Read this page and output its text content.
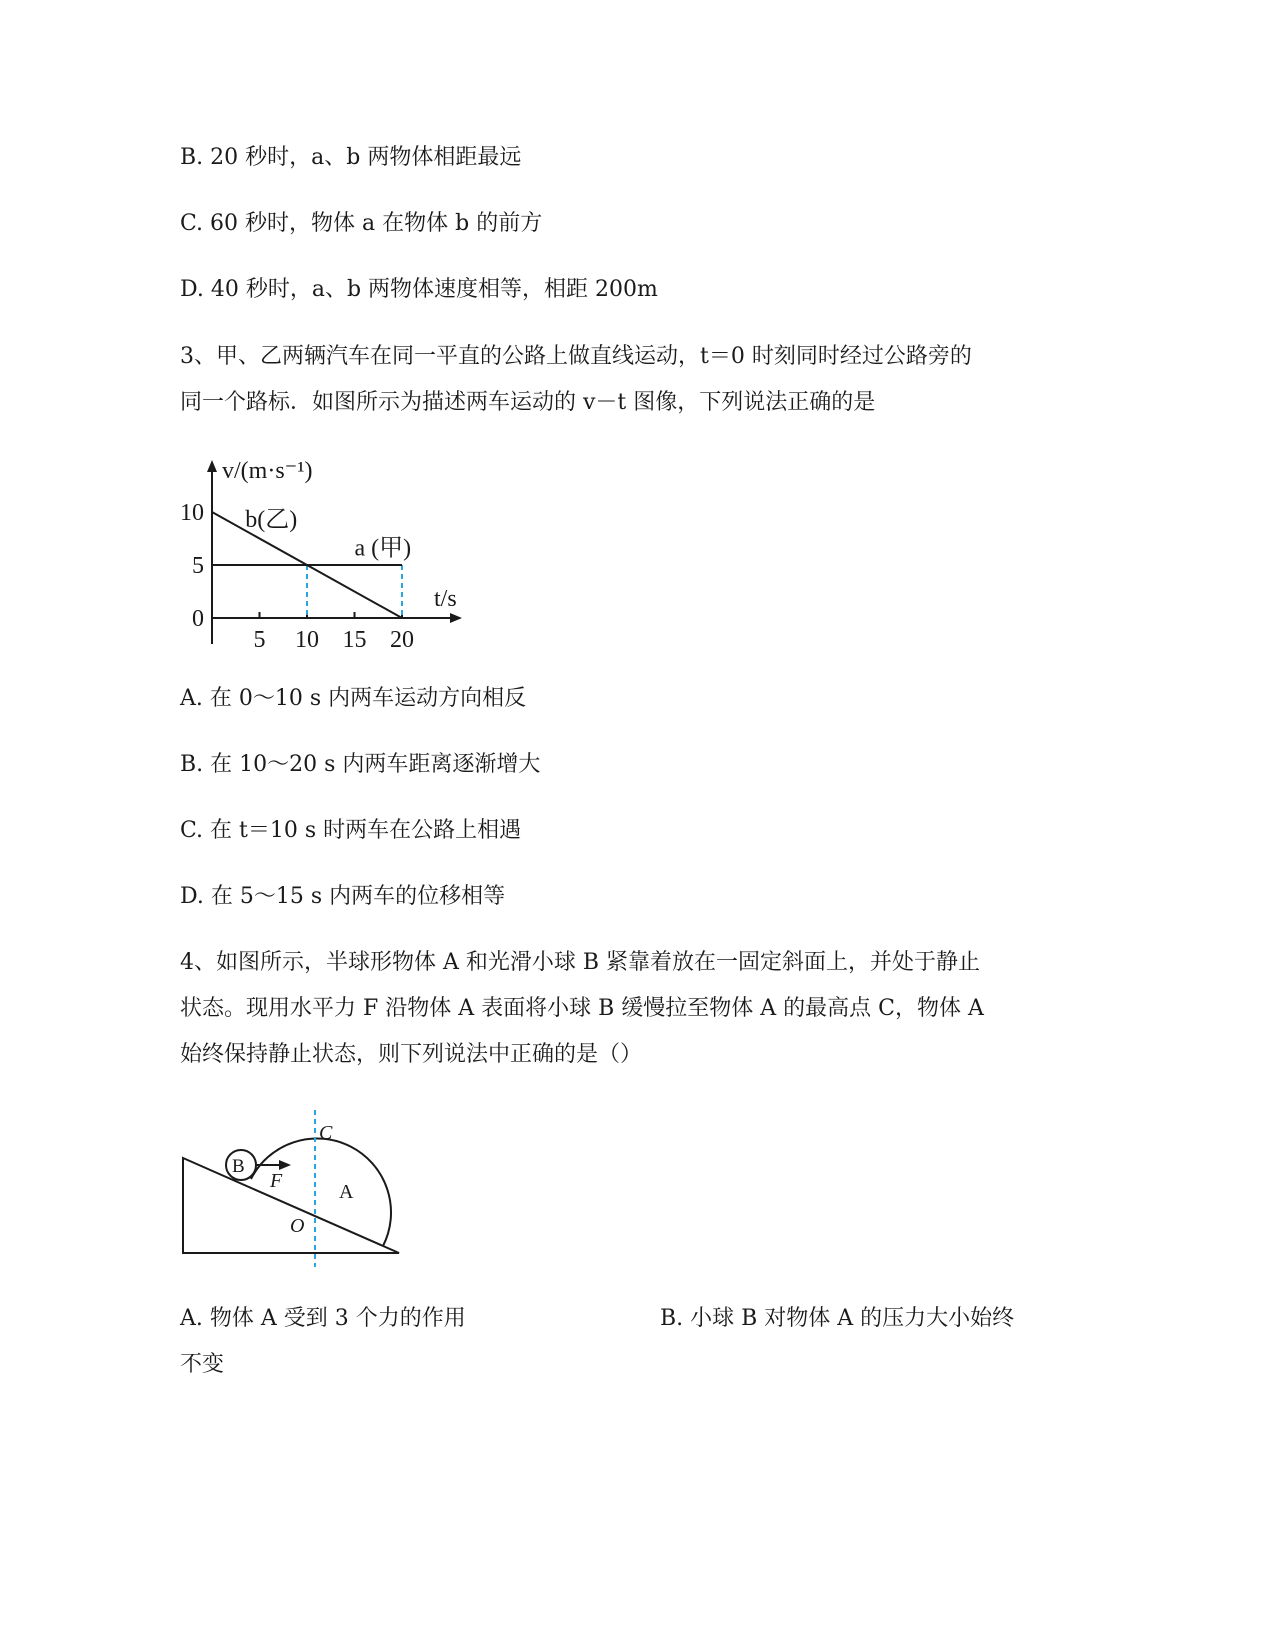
B. 20 秒时，a、b 两物体相距最远
C. 60 秒时，物体 a 在物体 b 的前方
D. 40 秒时，a、b 两物体速度相等，相距 200m
3、甲、乙两辆汽车在同一平直的公路上做直线运动，t＝0 时刻同时经过公路旁的
同一个路标．如图所示为描述两车运动的 v－t 图像，下列说法正确的是
v/(m·s⁻¹)
t/s
5 10 15 20
0
5
10 b(乙)
a (甲)
A. 在 0～10 s 内两车运动方向相反
B. 在 10～20 s 内两车距离逐渐增大
C. 在 t＝10 s 时两车在公路上相遇
D. 在 5～15 s 内两车的位移相等
4、如图所示，半球形物体 A 和光滑小球 B 紧靠着放在一固定斜面上，并处于静止
状态。现用水平力 F 沿物体 A 表面将小球 B 缓慢拉至物体 A 的最高点 C，物体 A
始终保持静止状态，则下列说法中正确的是（）
B
F	A
C
O
A. 物体 A 受到 3 个力的作用	B. 小球 B 对物体 A 的压力大小始终
不变
